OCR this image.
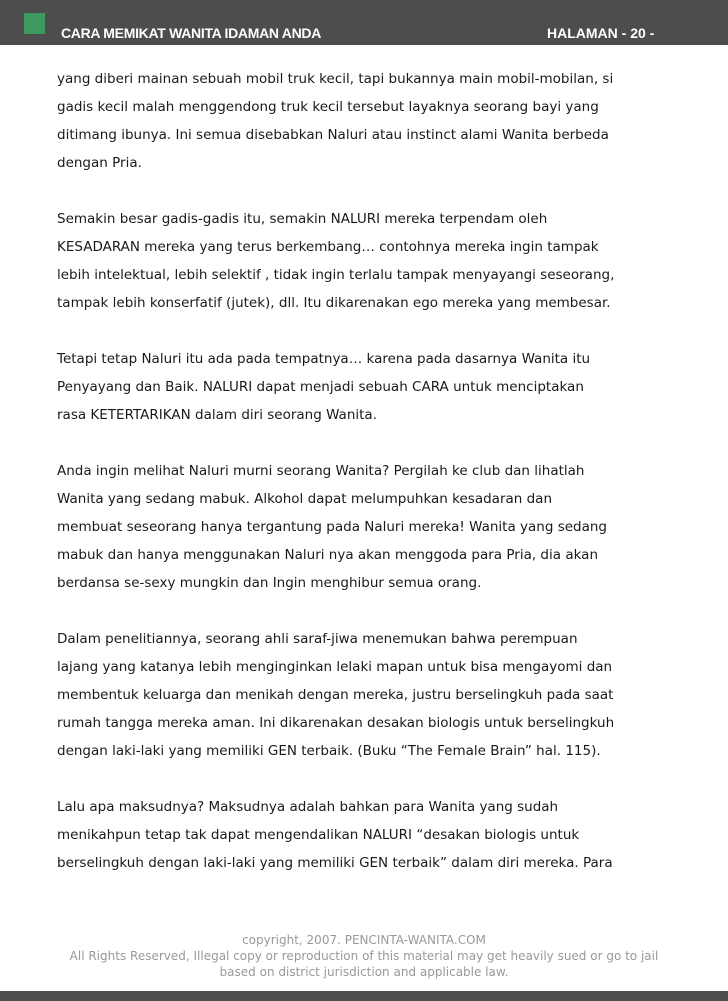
CARA MEMIKAT WANITA IDAMAN ANDA	HALAMAN - 20 -
yang diberi mainan sebuah mobil truk kecil, tapi bukannya main mobil-mobilan, si
gadis kecil malah menggendong truk kecil tersebut layaknya seorang bayi yang
ditimang ibunya. Ini semua disebabkan Naluri atau instinct alami Wanita berbeda
dengan Pria.
Semakin besar gadis-gadis itu, semakin NALURI mereka terpendam oleh
KESADARAN mereka yang terus berkembang… contohnya mereka ingin tampak
lebih intelektual, lebih selektif , tidak ingin terlalu tampak menyayangi seseorang,
tampak lebih konserfatif (jutek), dll. Itu dikarenakan ego mereka yang membesar.
Tetapi tetap Naluri itu ada pada tempatnya… karena pada dasarnya Wanita itu
Penyayang dan Baik. NALURI dapat menjadi sebuah CARA untuk menciptakan
rasa KETERTARIKAN dalam diri seorang Wanita.
Anda ingin melihat Naluri murni seorang Wanita? Pergilah ke club dan lihatlah
Wanita yang sedang mabuk. Alkohol dapat melumpuhkan kesadaran dan
membuat seseorang hanya tergantung pada Naluri mereka! Wanita yang sedang
mabuk dan hanya menggunakan Naluri nya akan menggoda para Pria, dia akan
berdansa se-sexy mungkin dan Ingin menghibur semua orang.
Dalam penelitiannya, seorang ahli saraf-jiwa menemukan bahwa perempuan
lajang yang katanya lebih menginginkan lelaki mapan untuk bisa mengayomi dan
membentuk keluarga dan menikah dengan mereka, justru berselingkuh pada saat
rumah tangga mereka aman. Ini dikarenakan desakan biologis untuk berselingkuh
dengan laki-laki yang memiliki GEN terbaik. (Buku “The Female Brain” hal. 115).
Lalu apa maksudnya? Maksudnya adalah bahkan para Wanita yang sudah
menikahpun tetap tak dapat mengendalikan NALURI “desakan biologis untuk
berselingkuh dengan laki-laki yang memiliki GEN terbaik” dalam diri mereka. Para
copyright, 2007. PENCINTA-WANITA.COM
All Rights Reserved, Illegal copy or reproduction of this material may get heavily sued or go to jail
based on district jurisdiction and applicable law.
